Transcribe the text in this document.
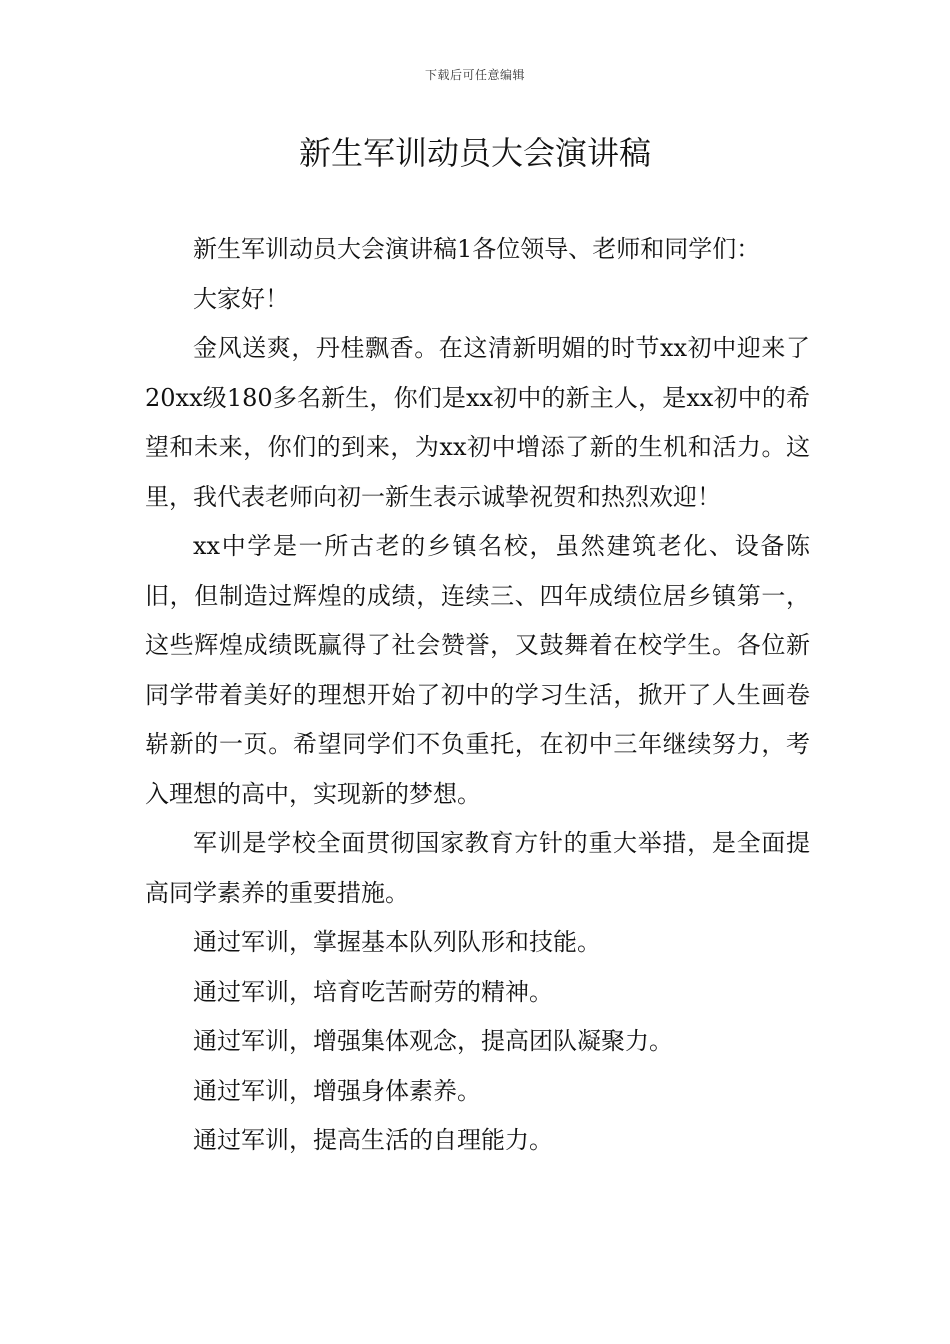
下载后可任意编辑
新生军训动员大会演讲稿

新生军训动员大会演讲稿1各位领导、老师和同学们：

大家好！

金风送爽，丹桂飘香。在这清新明媚的时节xx初中迎来了20xx级180多名新生，你们是xx初中的新主人，是xx初中的希望和未来，你们的到来，为xx初中增添了新的生机和活力。这里，我代表老师向初一新生表示诚挚祝贺和热烈欢迎！

xx中学是一所古老的乡镇名校，虽然建筑老化、设备陈旧，但制造过辉煌的成绩，连续三、四年成绩位居乡镇第一，这些辉煌成绩既赢得了社会赞誉，又鼓舞着在校学生。各位新同学带着美好的理想开始了初中的学习生活，掀开了人生画卷崭新的一页。希望同学们不负重托，在初中三年继续努力，考入理想的高中，实现新的梦想。

军训是学校全面贯彻国家教育方针的重大举措，是全面提高同学素养的重要措施。

通过军训，掌握基本队列队形和技能。

通过军训，培育吃苦耐劳的精神。

通过军训，增强集体观念，提高团队凝聚力。

通过军训，增强身体素养。

通过军训，提高生活的自理能力。
